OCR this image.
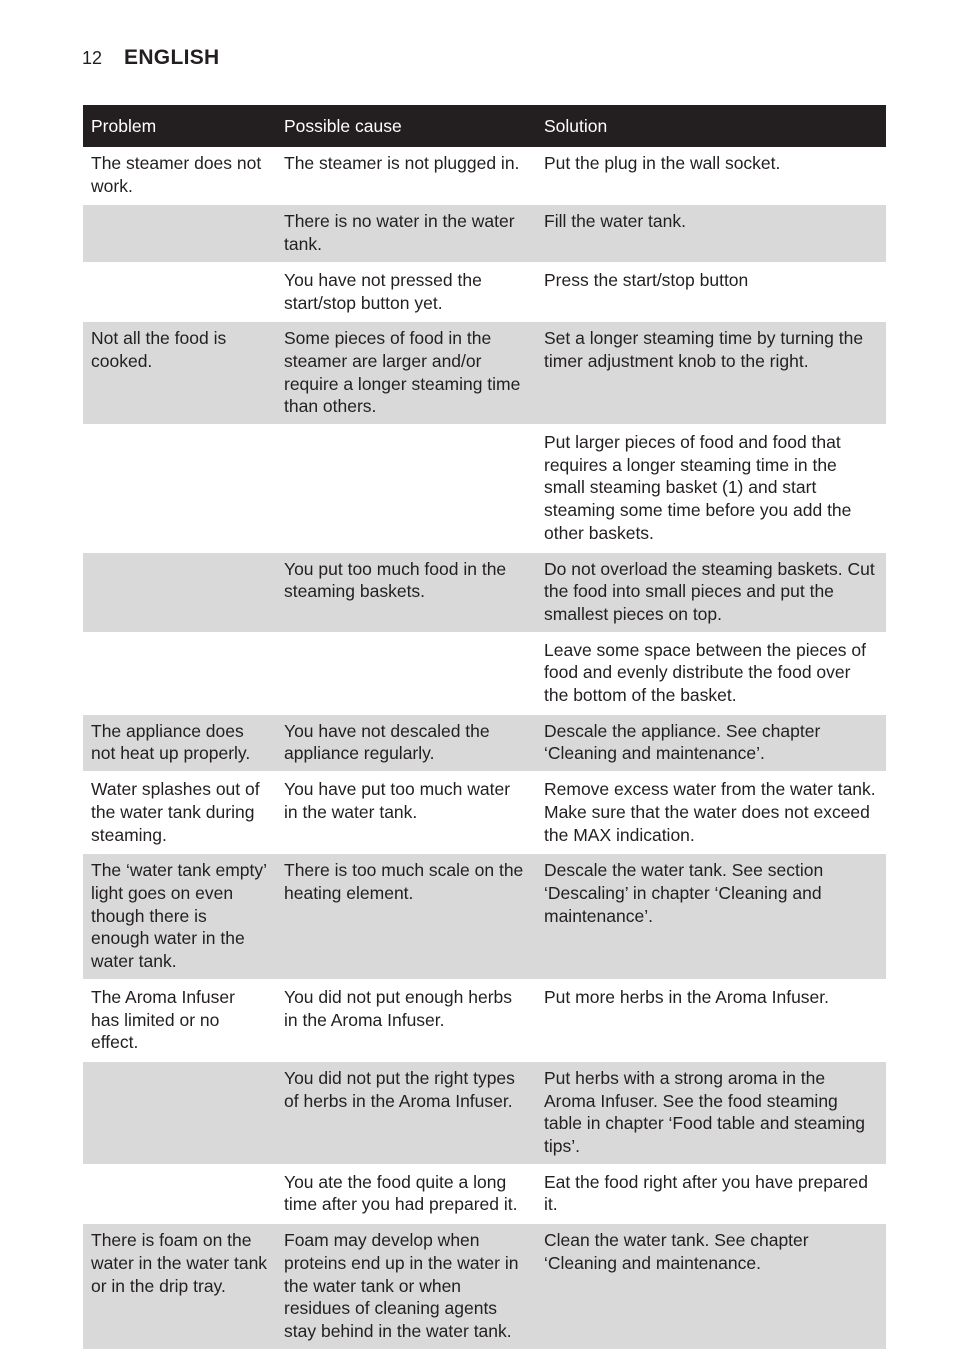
12 ENGLISH
Problem	Possible cause	Solution
The steamer does not work.	The steamer is not plugged in.	Put the plug in the wall socket.
	There is no water in the water tank.	Fill the water tank.
	You have not pressed the start/stop button yet.	Press the start/stop button
Not all the food is cooked.	Some pieces of food in the steamer are larger and/or require a longer steaming time than others.	Set a longer steaming time by turning the timer adjustment knob to the right.
		Put larger pieces of food and food that requires a longer steaming time in the small steaming basket (1) and start steaming some time before you add the other baskets.
	You put too much food in the steaming baskets.	Do not overload the steaming baskets. Cut the food into small pieces and put the smallest pieces on top.
		Leave some space between the pieces of food and evenly distribute the food over the bottom of the basket.
The appliance does not heat up properly.	You have not descaled the appliance regularly.	Descale the appliance. See chapter ‘Cleaning and maintenance’.
Water splashes out of the water tank during steaming.	You have put too much water in the water tank.	Remove excess water from the water tank. Make sure that the water does not exceed the MAX indication.
The ‘water tank empty’ light goes on even though there is enough water in the water tank.	There is too much scale on the heating element.	Descale the water tank. See section ‘Descaling’ in chapter ‘Cleaning and maintenance’.
The Aroma Infuser has limited or no effect.	You did not put enough herbs in the Aroma Infuser.	Put more herbs in the Aroma Infuser.
	You did not put the right types of herbs in the Aroma Infuser.	Put herbs with a strong aroma in the Aroma Infuser. See the food steaming table in chapter ‘Food table and steaming tips’.
	You ate the food quite a long time after you had prepared it.	Eat the food right after you have prepared it.
There is foam on the water in the water tank or in the drip tray.	Foam may develop when proteins end up in the water in the water tank or when residues of cleaning agents stay behind in the water tank.	Clean the water tank. See chapter ‘Cleaning and maintenance.
